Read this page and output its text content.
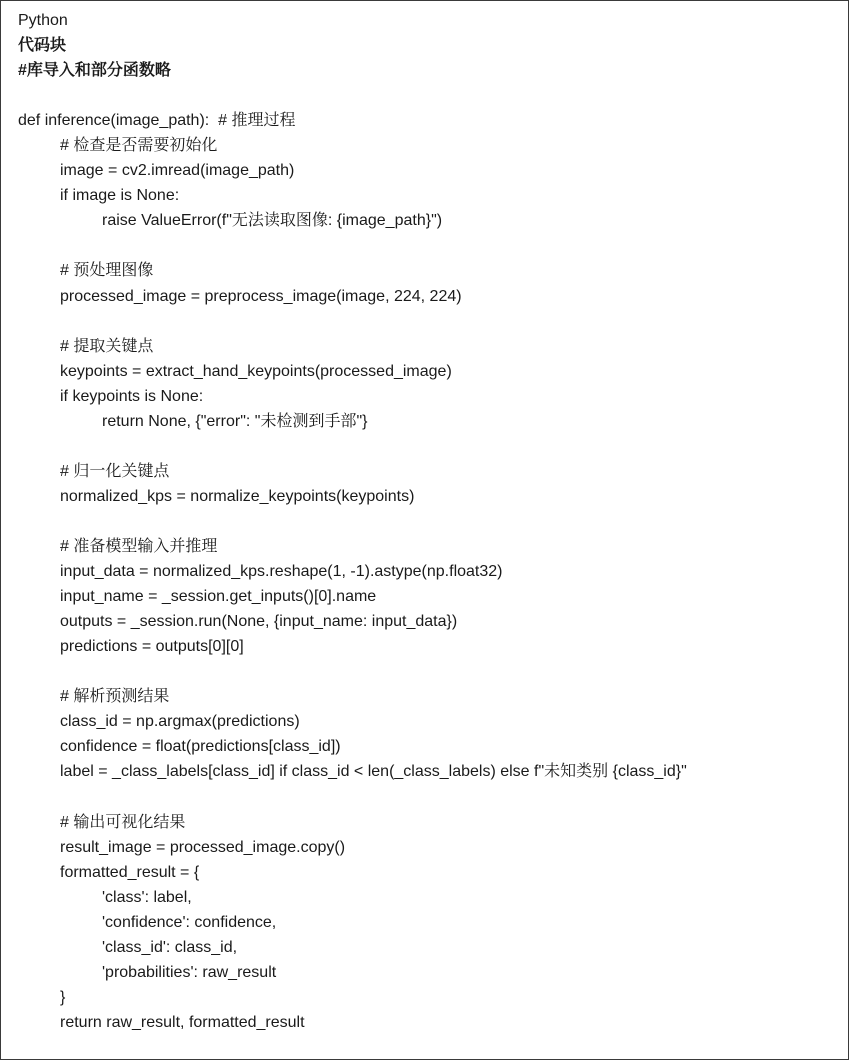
Python
代码块
#库导入和部分函数略
def inference(image_path):  # 推理过程
# 检查是否需要初始化
image = cv2.imread(image_path)
if image is None:
raise ValueError(f"无法读取图像: {image_path}")
# 预处理图像
processed_image = preprocess_image(image, 224, 224)
# 提取关键点
keypoints = extract_hand_keypoints(processed_image)
if keypoints is None:
return None, {"error": "未检测到手部"}
# 归一化关键点
normalized_kps = normalize_keypoints(keypoints)
# 准备模型输入并推理
input_data = normalized_kps.reshape(1, -1).astype(np.float32)
input_name = _session.get_inputs()[0].name
outputs = _session.run(None, {input_name: input_data})
predictions = outputs[0][0]
# 解析预测结果
class_id = np.argmax(predictions)
confidence = float(predictions[class_id])
label = _class_labels[class_id] if class_id < len(_class_labels) else f"未知类别 {class_id}"
# 输出可视化结果
result_image = processed_image.copy()
formatted_result = {
'class': label,
'confidence': confidence,
'class_id': class_id,
'probabilities': raw_result
}
return raw_result, formatted_result
